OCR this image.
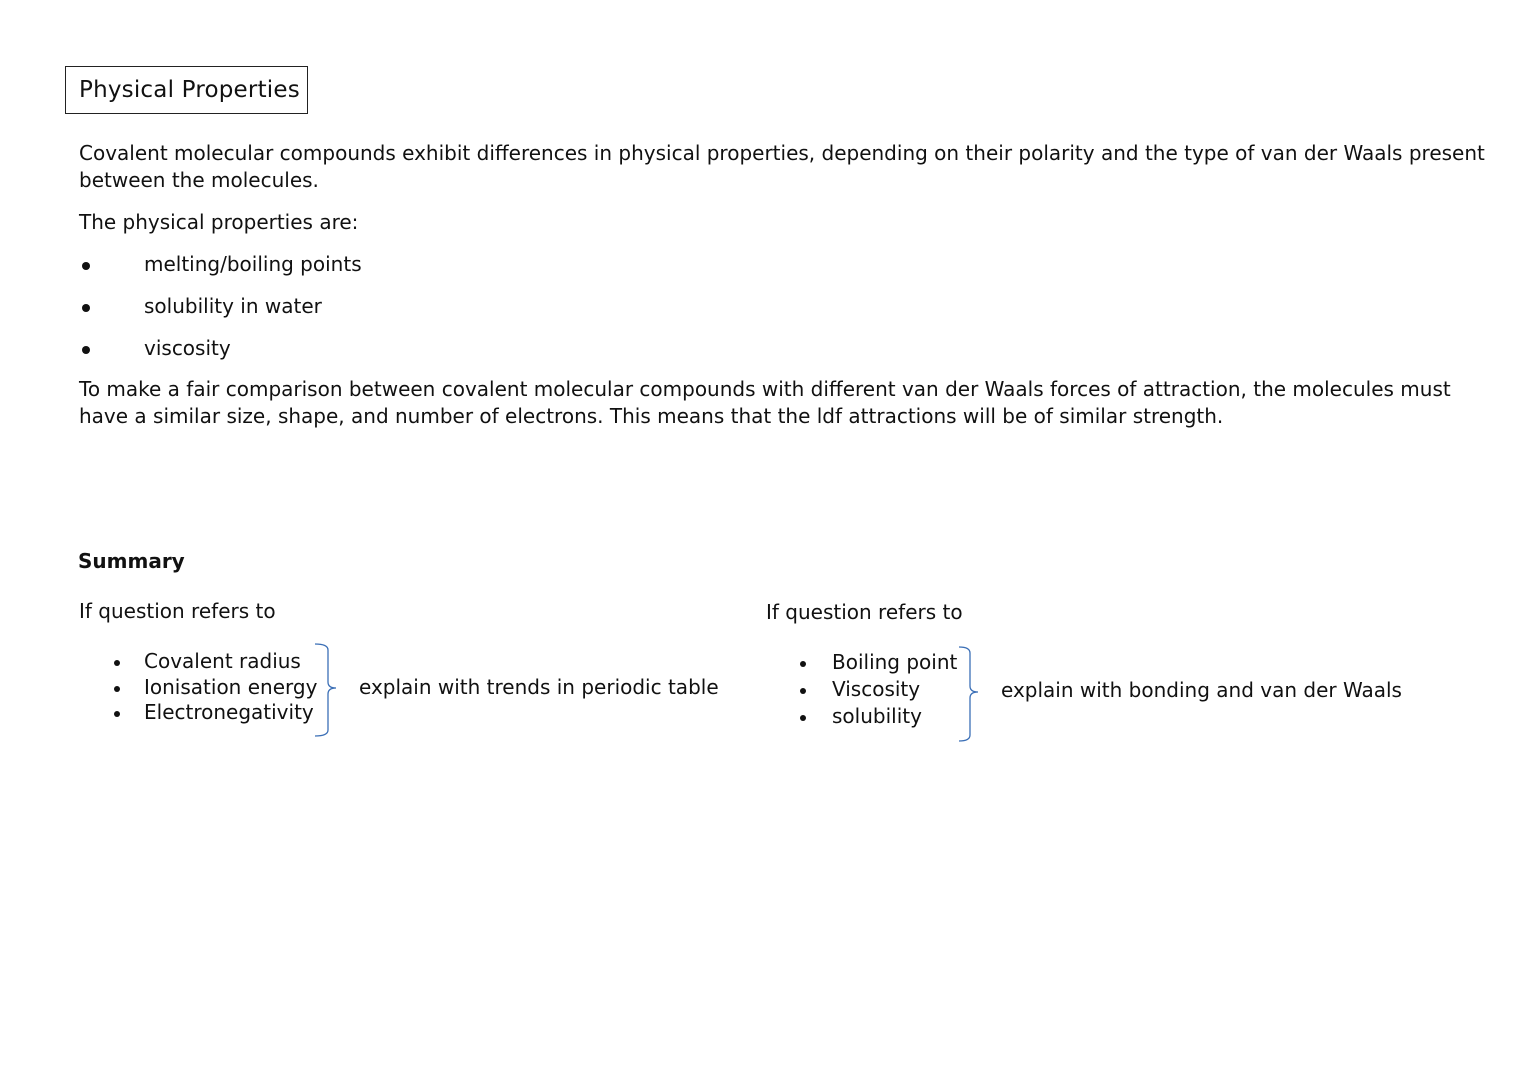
Physical Properties
Covalent molecular compounds exhibit differences in physical properties, depending on their polarity and the type of van der Waals present
between the molecules.
The physical properties are:
melting/boiling points
solubility in water
viscosity
To make a fair comparison between covalent molecular compounds with different van der Waals forces of attraction, the molecules must
have a similar size, shape, and number of electrons. This means that the ldf attractions will be of similar strength.
Summary
If question refers to
Covalent radius
Ionisation energy
Electronegativity
explain with trends in periodic table
If question refers to
Boiling point
Viscosity
solubility
explain with bonding and van der Waals
